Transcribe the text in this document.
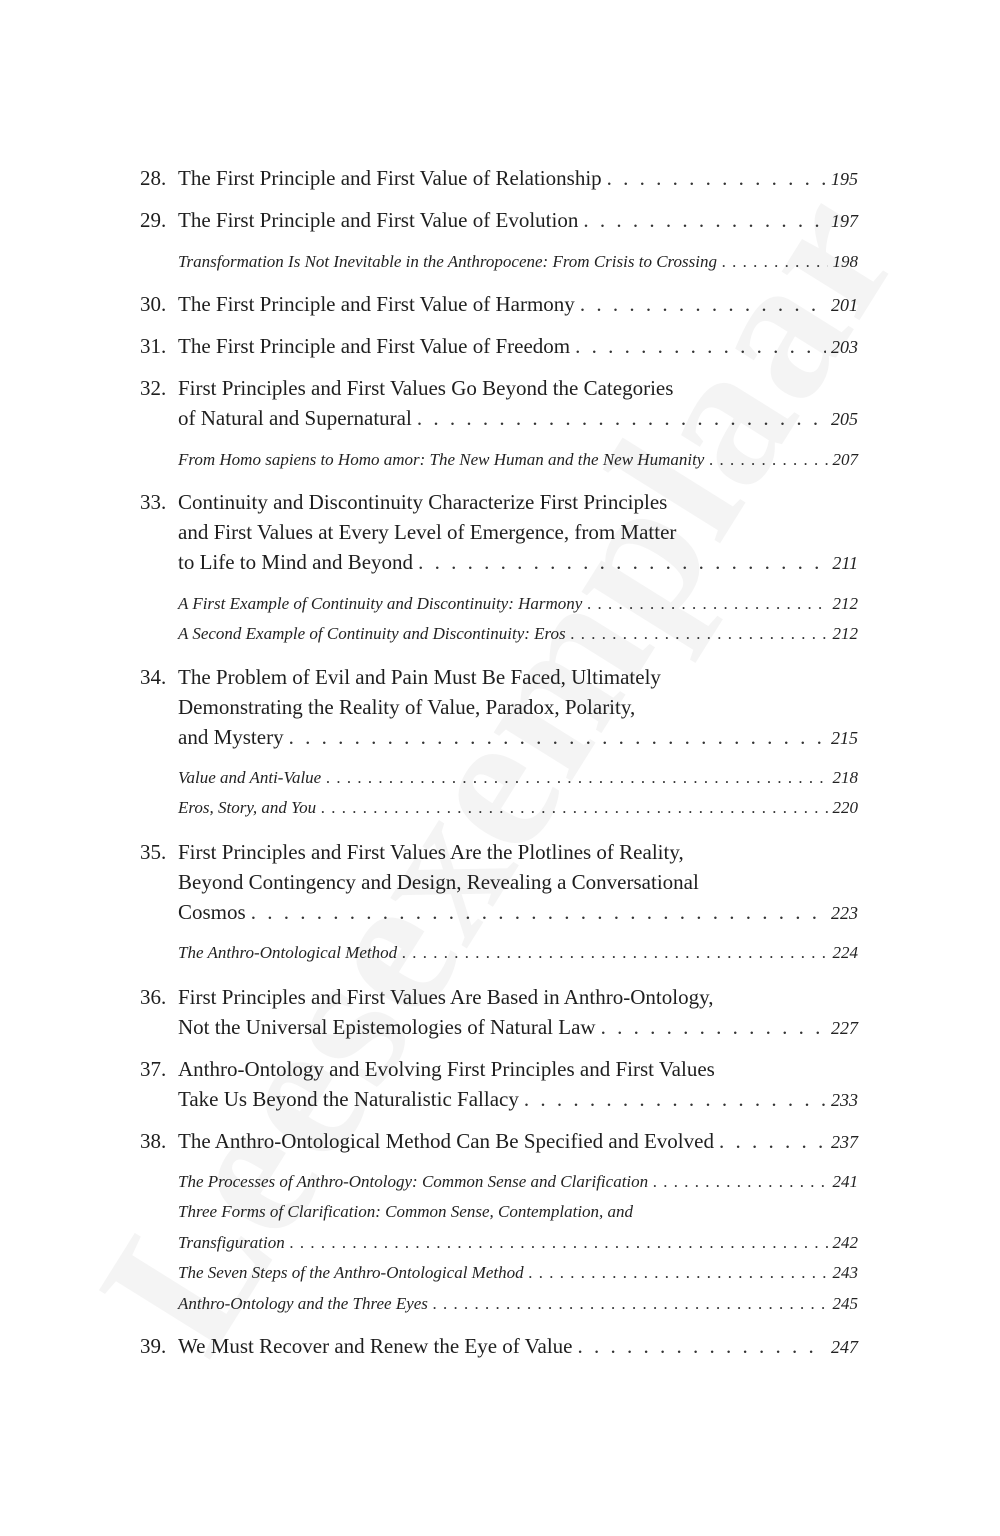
28. The First Principle and First Value of Relationship . . .	195
29. The First Principle and First Value of Evolution . . .	197
Transformation Is Not Inevitable in the Anthropocene: From Crisis to Crossing . . .	198
30. The First Principle and First Value of Harmony . . .	201
31. The First Principle and First Value of Freedom . . .	203
32. First Principles and First Values Go Beyond the Categories
of Natural and Supernatural . . .	205
From Homo sapiens to Homo amor: The New Human and the New Humanity . . .	207
33. Continuity and Discontinuity Characterize First Principles
and First Values at Every Level of Emergence, from Matter
to Life to Mind and Beyond . . .	211
A First Example of Continuity and Discontinuity: Harmony . . .	212
A Second Example of Continuity and Discontinuity: Eros . . .	212
34. The Problem of Evil and Pain Must Be Faced, Ultimately
Demonstrating the Reality of Value, Paradox, Polarity,
and Mystery . . .	215
Value and Anti-Value . . .	218
Eros, Story, and You . . .	220
35. First Principles and First Values Are the Plotlines of Reality,
Beyond Contingency and Design, Revealing a Conversational
Cosmos . . .	223
The Anthro-Ontological Method . . .	224
36. First Principles and First Values Are Based in Anthro-Ontology,
Not the Universal Epistemologies of Natural Law . . .	227
37. Anthro-Ontology and Evolving First Principles and First Values
Take Us Beyond the Naturalistic Fallacy . . .	233
38. The Anthro-Ontological Method Can Be Specified and Evolved . . .	237
The Processes of Anthro-Ontology: Common Sense and Clarification . . .	241
Three Forms of Clarification: Common Sense, Contemplation, and
Transfiguration . . .	242
The Seven Steps of the Anthro-Ontological Method . . .	243
Anthro-Ontology and the Three Eyes . . .	245
39. We Must Recover and Renew the Eye of Value . . .	247
